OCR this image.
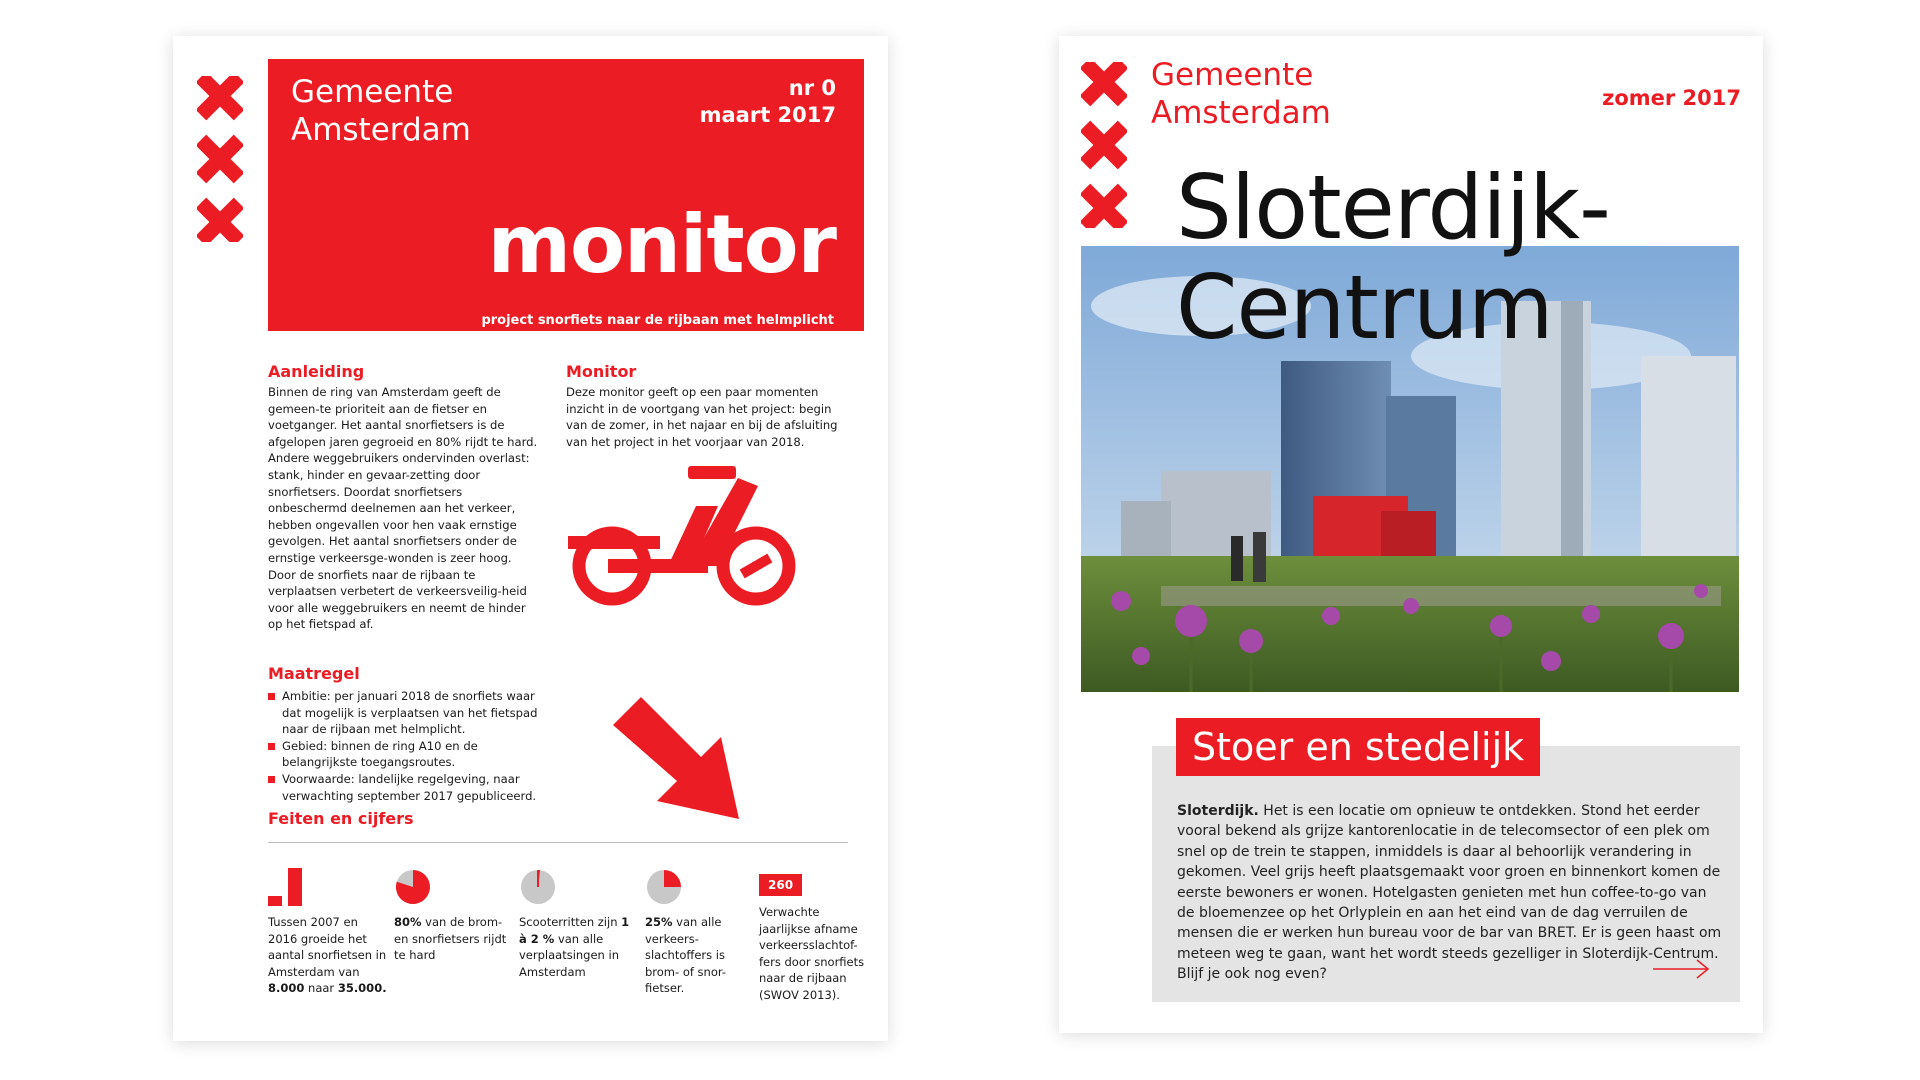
Gemeente
Amsterdam
nr 0
maart 2017
monitor
project snorfiets naar de rijbaan met helmplicht
Aanleiding
Binnen de ring van Amsterdam geeft de gemeen-te prioriteit aan de fietser en voetganger. Het aantal snorfietsers is de afgelopen jaren gegroeid en 80% rijdt te hard. Andere weggebruikers ondervinden overlast: stank, hinder en gevaar-zetting door snorfietsers. Doordat snorfietsers onbeschermd deelnemen aan het verkeer, hebben ongevallen voor hen vaak ernstige gevolgen. Het aantal snorfietsers onder de ernstige verkeersge-wonden is zeer hoog. Door de snorfiets naar de rijbaan te verplaatsen verbetert de verkeersveilig-heid voor alle weggebruikers en neemt de hinder op het fietspad af.
Monitor
Deze monitor geeft op een paar momenten inzicht in de voortgang van het project: begin van de zomer, in het najaar en bij de afsluiting van het project in het voorjaar van 2018.
Maatregel
Ambitie: per januari 2018 de snorfiets waar dat mogelijk is verplaatsen van het fietspad naar de rijbaan met helmplicht.
Gebied: binnen de ring A10 en de belangrijkste toegangsroutes.
Voorwaarde: landelijke regelgeving, naar verwachting september 2017 gepubliceerd.
Feiten en cijfers
Tussen 2007 en 2016 groeide het aantal snorfietsen in Amsterdam van 8.000 naar 35.000.
80% van de brom- en snorfietsers rijdt te hard
Scooterritten zijn 1 à 2 % van alle verplaatsingen in Amsterdam
25% van alle verkeers-slachtoffers is brom- of snor-fietser.
260
Verwachte jaarlijkse afname verkeersslachtof-fers door snorfiets naar de rijbaan (SWOV 2013).
Gemeente
Amsterdam	zomer 2017
Sloterdijk-
Centrum
Stoer en stedelijk
Sloterdijk. Het is een locatie om opnieuw te ontdekken. Stond het eerder vooral bekend als grijze kantorenlocatie in de telecomsector of een plek om snel op de trein te stappen, inmiddels is daar al behoorlijk verandering in gekomen. Veel grijs heeft plaatsgemaakt voor groen en binnenkort komen de eerste bewoners er wonen. Hotelgasten genieten met hun coffee-to-go van de bloemenzee op het Orlyplein en aan het eind van de dag verruilen de mensen die er werken hun bureau voor de bar van BRET. Er is geen haast om meteen weg te gaan, want het wordt steeds gezelliger in Sloterdijk-Centrum. Blijf je ook nog even?
